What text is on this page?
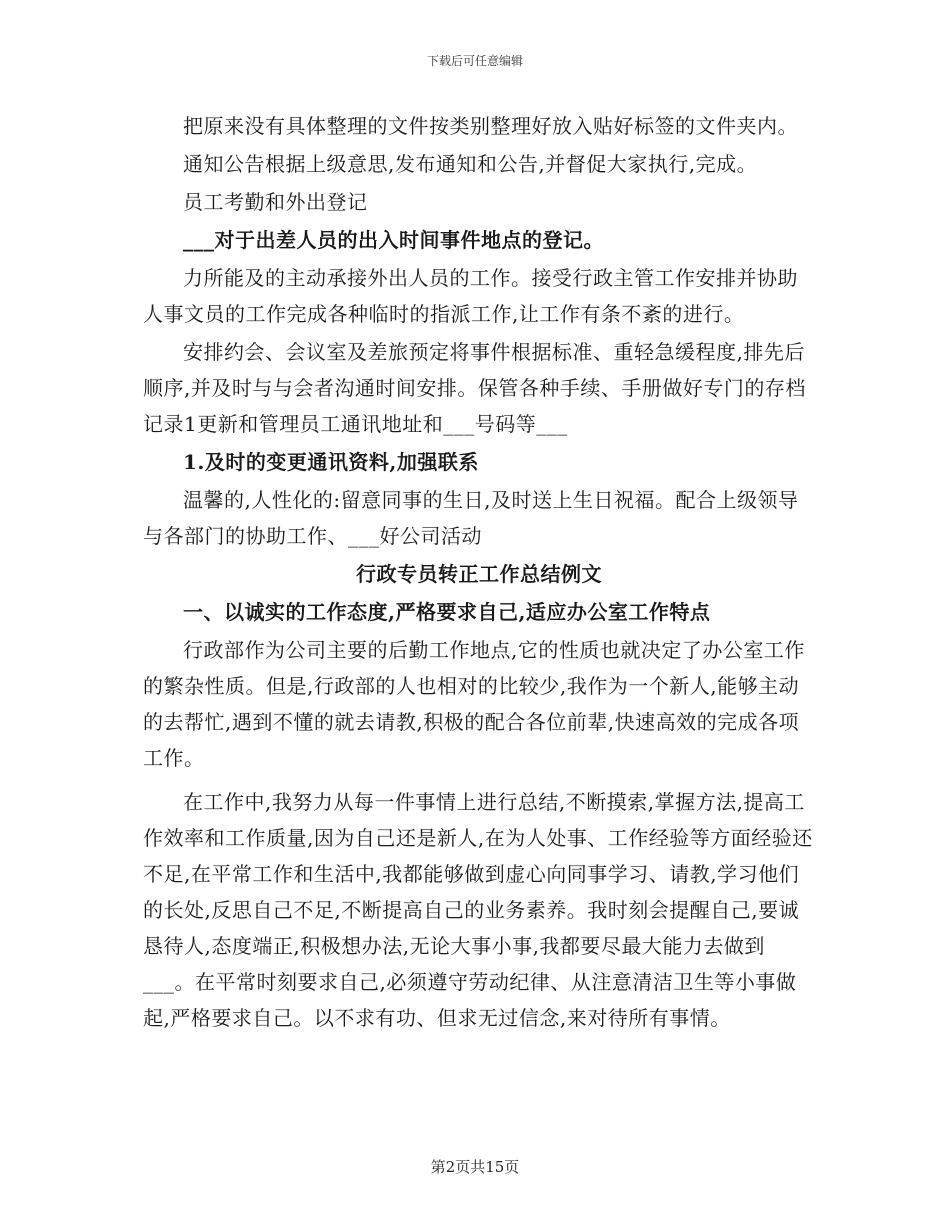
下载后可任意编辑

把原来没有具体整理的文件按类别整理好放入贴好标签的文件夹内。

通知公告根据上级意思,发布通知和公告,并督促大家执行,完成。

员工考勤和外出登记

___对于出差人员的出入时间事件地点的登记。

力所能及的主动承接外出人员的工作。接受行政主管工作安排并协助人事文员的工作完成各种临时的指派工作,让工作有条不紊的进行。

安排约会、会议室及差旅预定将事件根据标准、重轻急缓程度,排先后顺序,并及时与与会者沟通时间安排。保管各种手续、手册做好专门的存档记录1更新和管理员工通讯地址和___号码等___

1.及时的变更通讯资料,加强联系

温馨的,人性化的:留意同事的生日,及时送上生日祝福。配合上级领导与各部门的协助工作、___好公司活动

行政专员转正工作总结例文

一、以诚实的工作态度,严格要求自己,适应办公室工作特点

行政部作为公司主要的后勤工作地点,它的性质也就决定了办公室工作的繁杂性质。但是,行政部的人也相对的比较少,我作为一个新人,能够主动的去帮忙,遇到不懂的就去请教,积极的配合各位前辈,快速高效的完成各项工作。

在工作中,我努力从每一件事情上进行总结,不断摸索,掌握方法,提高工作效率和工作质量,因为自己还是新人,在为人处事、工作经验等方面经验还不足,在平常工作和生活中,我都能够做到虚心向同事学习、请教,学习他们的长处,反思自己不足,不断提高自己的业务素养。我时刻会提醒自己,要诚恳待人,态度端正,积极想办法,无论大事小事,我都要尽最大能力去做到___。在平常时刻要求自己,必须遵守劳动纪律、从注意清洁卫生等小事做起,严格要求自己。以不求有功、但求无过信念,来对待所有事情。

第2页共15页
